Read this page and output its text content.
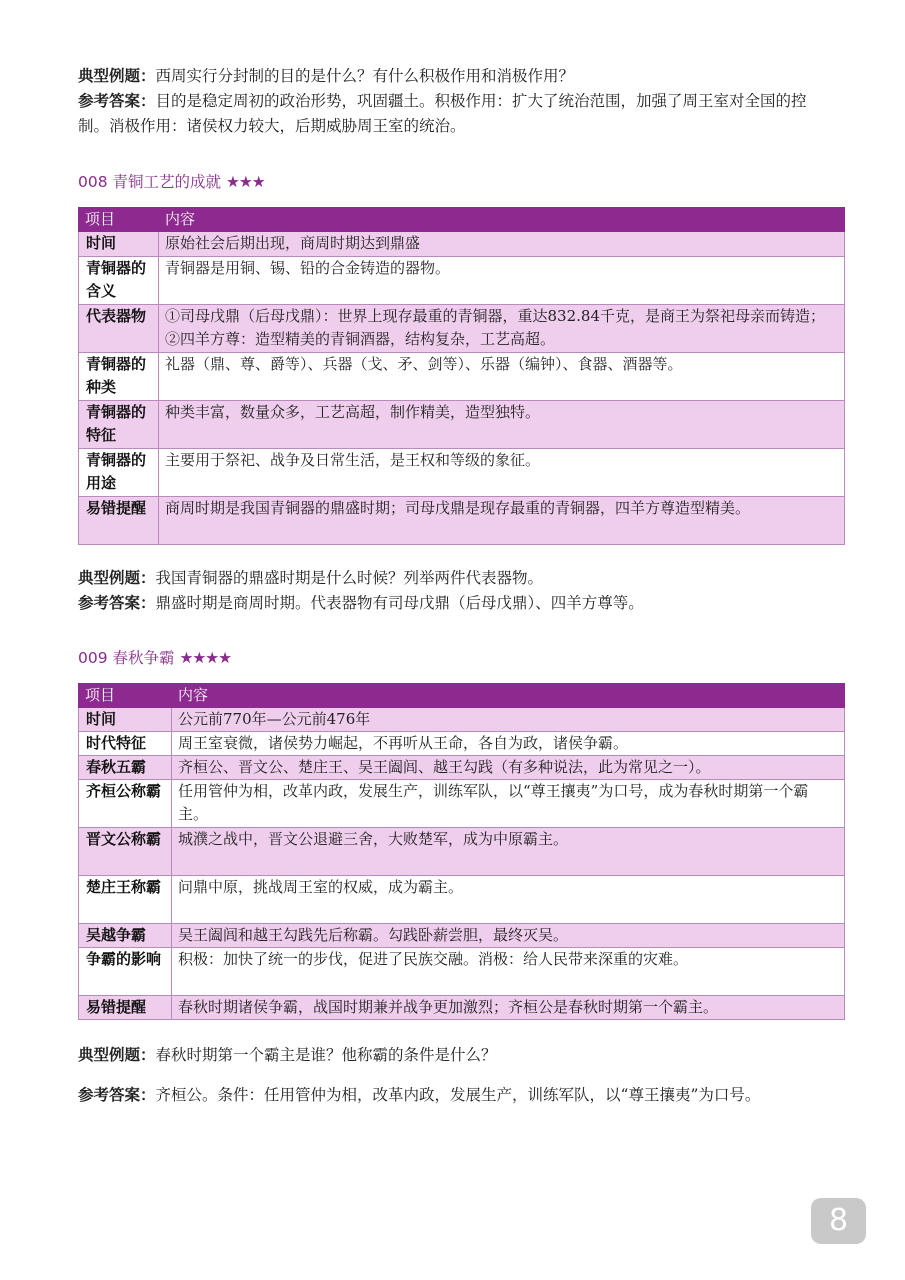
典型例题：西周实行分封制的目的是什么？有什么积极作用和消极作用？
参考答案：目的是稳定周初的政治形势，巩固疆土。积极作用：扩大了统治范围，加强了周王室对全国的控制。消极作用：诸侯权力较大，后期威胁周王室的统治。
008 青铜工艺的成就 ★★★
项目	内容
时间	原始社会后期出现，商周时期达到鼎盛
青铜器的含义	青铜器是用铜、锡、铅的合金铸造的器物。
代表器物	①司母戊鼎（后母戊鼎）：世界上现存最重的青铜器，重达832.84千克，是商王为祭祀母亲而铸造；②四羊方尊：造型精美的青铜酒器，结构复杂，工艺高超。
青铜器的种类	礼器（鼎、尊、爵等）、兵器（戈、矛、剑等）、乐器（编钟）、食器、酒器等。
青铜器的特征	种类丰富，数量众多，工艺高超，制作精美，造型独特。
青铜器的用途	主要用于祭祀、战争及日常生活，是王权和等级的象征。
易错提醒	商周时期是我国青铜器的鼎盛时期；司母戊鼎是现存最重的青铜器，四羊方尊造型精美。
典型例题：我国青铜器的鼎盛时期是什么时候？列举两件代表器物。
参考答案：鼎盛时期是商周时期。代表器物有司母戊鼎（后母戊鼎）、四羊方尊等。
009 春秋争霸 ★★★★
项目	内容
时间	公元前770年—公元前476年
时代特征	周王室衰微，诸侯势力崛起，不再听从王命，各自为政，诸侯争霸。
春秋五霸	齐桓公、晋文公、楚庄王、吴王阖闾、越王勾践（有多种说法，此为常见之一）。
齐桓公称霸	任用管仲为相，改革内政，发展生产，训练军队，以“尊王攘夷”为口号，成为春秋时期第一个霸主。
晋文公称霸	城濮之战中，晋文公退避三舍，大败楚军，成为中原霸主。
楚庄王称霸	问鼎中原，挑战周王室的权威，成为霸主。
吴越争霸	吴王阖闾和越王勾践先后称霸。勾践卧薪尝胆，最终灭吴。
争霸的影响	积极：加快了统一的步伐，促进了民族交融。消极：给人民带来深重的灾难。
易错提醒	春秋时期诸侯争霸，战国时期兼并战争更加激烈；齐桓公是春秋时期第一个霸主。
典型例题：春秋时期第一个霸主是谁？他称霸的条件是什么？
参考答案：齐桓公。条件：任用管仲为相，改革内政，发展生产，训练军队，以“尊王攘夷”为口号。
8
